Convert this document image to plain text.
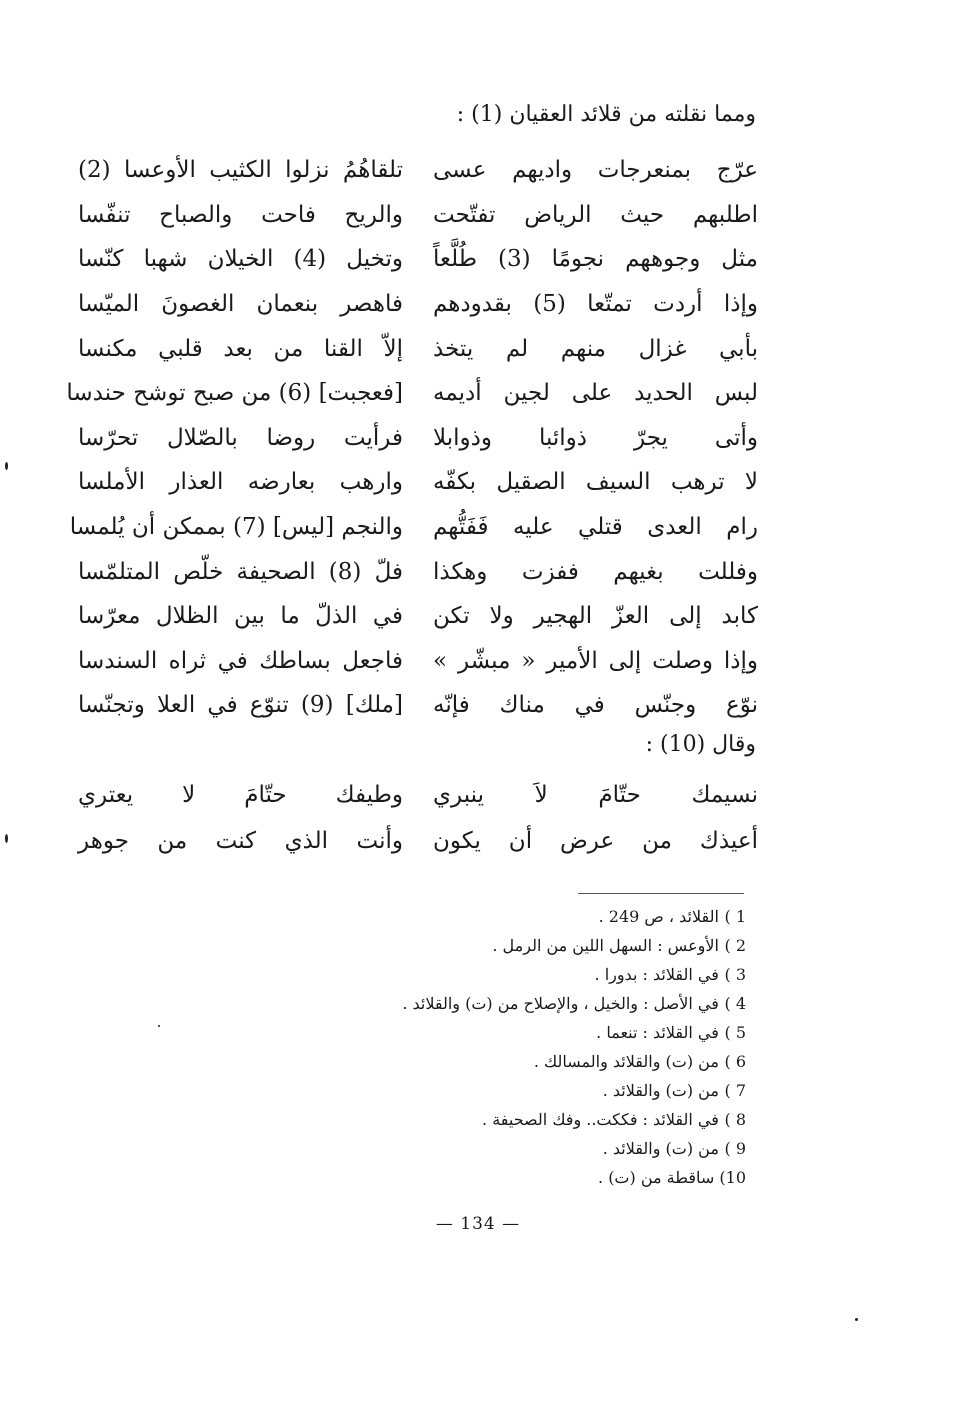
ومما نقلته من قلائد العقيان (1) :
عرّج بمنعرجات واديهم عسى
تلقاهُمُ نزلوا الكثيب الأوعسا (2)
اطلبهم حيث الرياض تفتّحت
والريح فاحت والصباح تنفّسا
مثل وجوههم نجومًا (3) طُلَّعاً
وتخيل (4) الخيلان شهبا كنّسا
وإذا أردت تمتّعا (5) بقدودهم
فاهصر بنعمان الغصونَ الميّسا
بأبي غزال منهم لم يتخذ
إلاّ القنا من بعد قلبي مكنسا
لبس الحديد على لجين أديمه
[فعجبت] (6) من صبح توشح حندسا
وأتى يجرّ ذوائبا وذوابلا
فرأيت روضا بالصّلال تحرّسا
لا ترهب السيف الصقيل بكفّه
وارهب بعارضه العذار الأملسا
رام العدى قتلي عليه فَفَتُّهم
والنجم [ليس] (7) بممكن أن يُلمسا
وفللت بغيهم ففزت وهكذا
فلّ (8) الصحيفة خلّص المتلمّسا
كابد إلى العزّ الهجير ولا تكن
في الذلّ ما بين الظلال معرّسا
وإذا وصلت إلى الأمير « مبشّر »
فاجعل بساطك في ثراه السندسا
نوّع وجنّس في مناك فإنّه
[ملك] (9) تنوّع في العلا وتجنّسا
وقال (10) :
نسيمك حتّامَ لاَ ينبري
وطيفك حتّامَ لا يعتري
أعيذك من عرض أن يكون
وأنت الذي كنت من جوهر
1 ) القلائد ، ص 249 .
2 ) الأوعس : السهل اللين من الرمل .
3 ) في القلائد : بدورا .
4 ) في الأصل : والخيل ، والإصلاح من (ت) والقلائد .
5 ) في القلائد : تنعما .
6 ) من (ت) والقلائد والمسالك .
7 ) من (ت) والقلائد .
8 ) في القلائد : فككت.. وفك الصحيفة .
9 ) من (ت) والقلائد .
10) ساقطة من (ت) .
— 134 —
